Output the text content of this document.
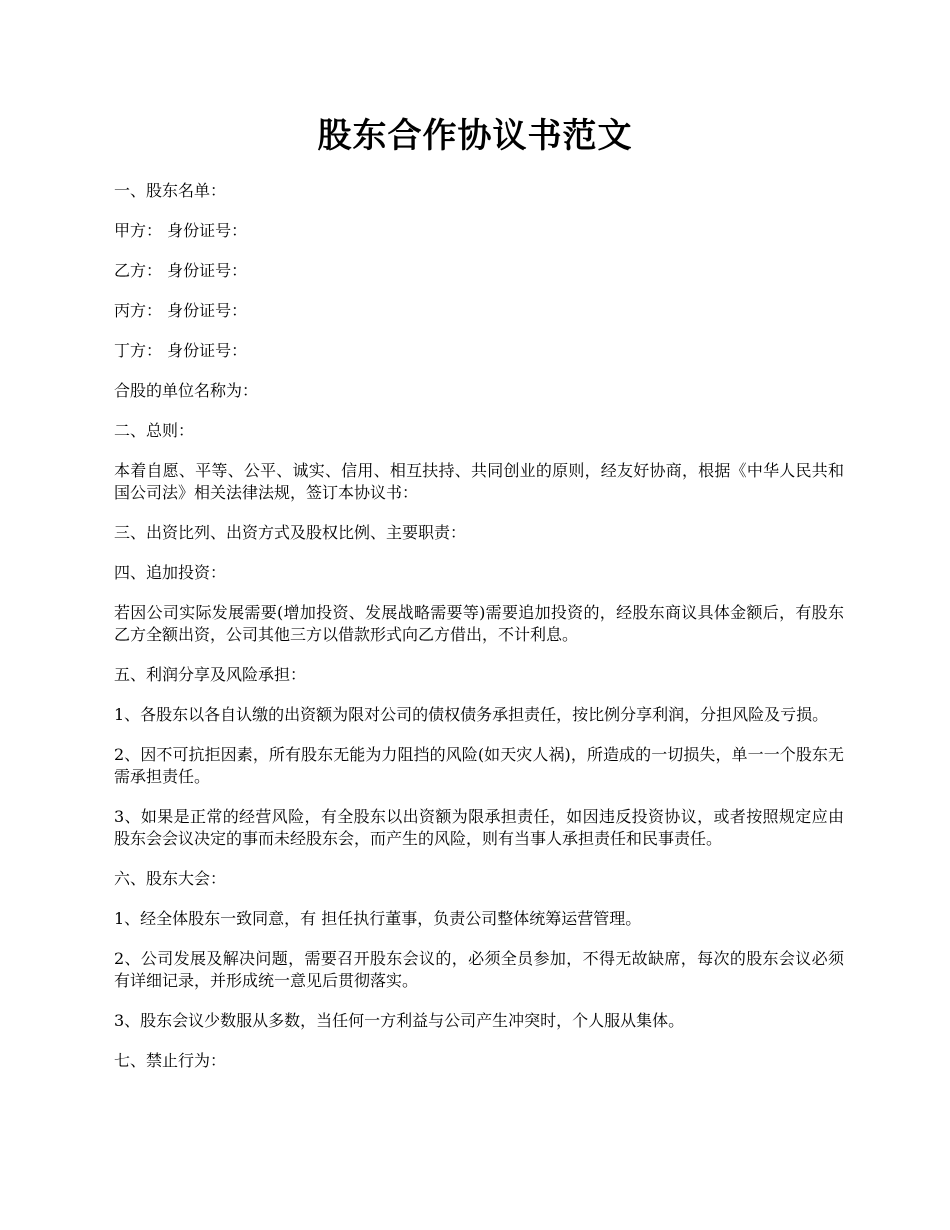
股东合作协议书范文

一、股东名单：

甲方： 身份证号：

乙方： 身份证号：

丙方： 身份证号：

丁方： 身份证号：

合股的单位名称为：

二、总则：

本着自愿、平等、公平、诚实、信用、相互扶持、共同创业的原则，经友好协商，根据《中华人民共和国公司法》相关法律法规，签订本协议书：

三、出资比列、出资方式及股权比例、主要职责：

四、追加投资：

若因公司实际发展需要(增加投资、发展战略需要等)需要追加投资的，经股东商议具体金额后，有股东乙方全额出资，公司其他三方以借款形式向乙方借出，不计利息。

五、利润分享及风险承担：

1、各股东以各自认缴的出资额为限对公司的债权债务承担责任，按比例分享利润，分担风险及亏损。

2、因不可抗拒因素，所有股东无能为力阻挡的风险(如天灾人祸)，所造成的一切损失，单一一个股东无需承担责任。

3、如果是正常的经营风险，有全股东以出资额为限承担责任，如因违反投资协议，或者按照规定应由股东会会议决定的事而未经股东会，而产生的风险，则有当事人承担责任和民事责任。

六、股东大会：

1、经全体股东一致同意，有 担任执行董事，负责公司整体统筹运营管理。

2、公司发展及解决问题，需要召开股东会议的，必须全员参加，不得无故缺席，每次的股东会议必须有详细记录，并形成统一意见后贯彻落实。

3、股东会议少数服从多数，当任何一方利益与公司产生冲突时，个人服从集体。

七、禁止行为：
